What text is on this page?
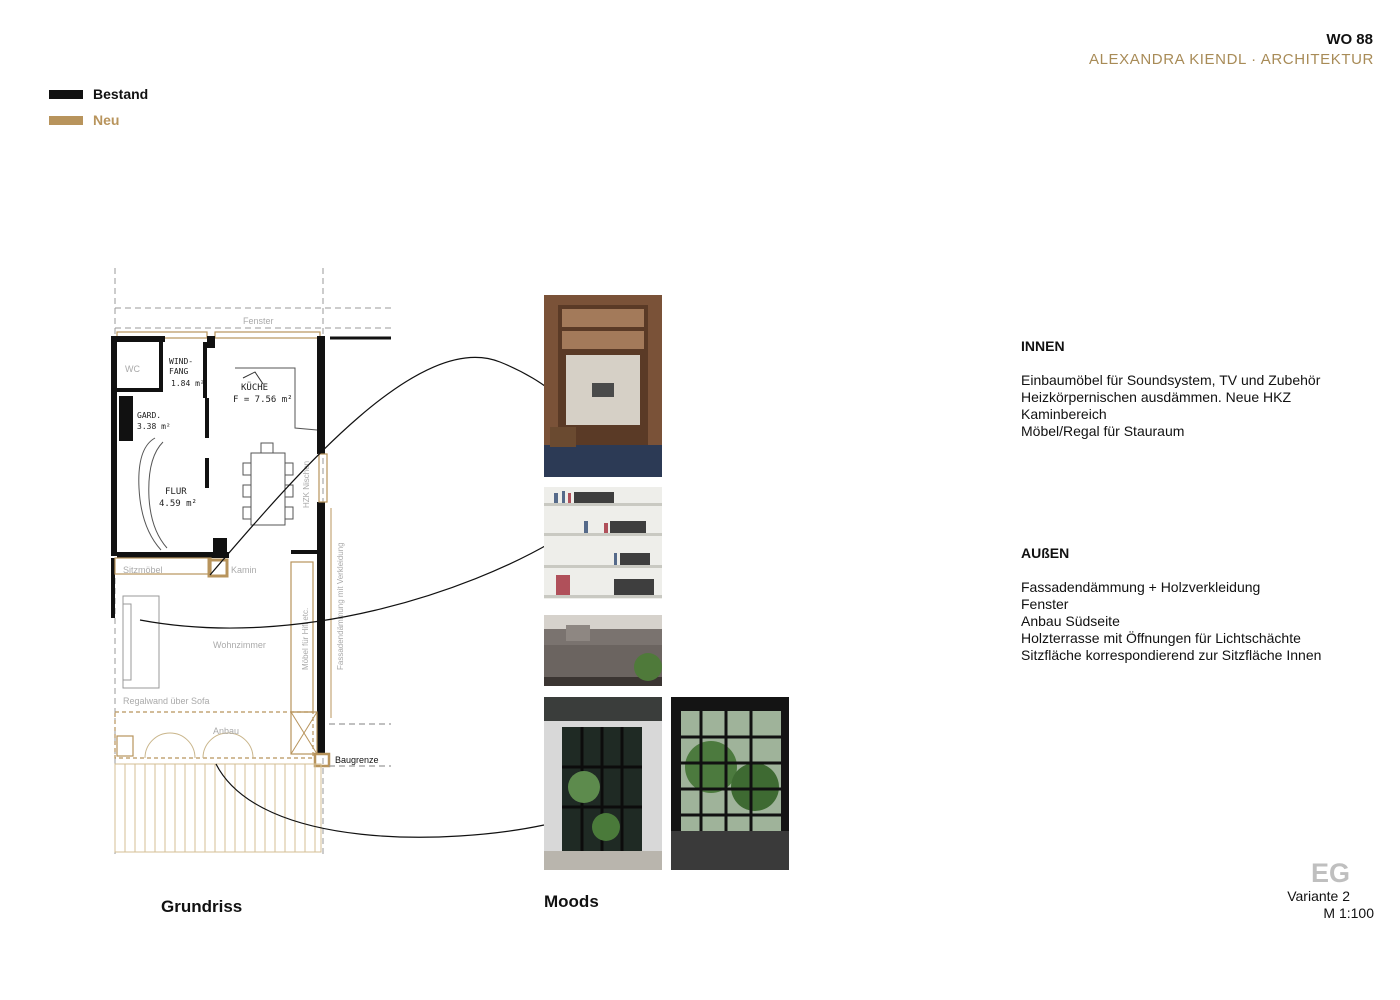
WO 88
ALEXANDRA KIENDL · ARCHITEKTUR
Bestand
Neu
Fenster
WC
WIND-
FANG
1.84 m²	KÜCHE
F = 7.56 m²
GARD.
3.38 m²
FLUR
4.59 m²	HZK Nischen
Fassadendämmung mit Verkleidung
Sitzmöbel	Kamin
Wohnzimmer	Möbel für Hifi etc.
Regalwand über Sofa
Anbau
Baugrenze
INNEN
Einbaumöbel für Soundsystem, TV und Zubehör
Heizkörpernischen ausdämmen. Neue HKZ
Kaminbereich
Möbel/Regal für Stauraum
AUßEN
Fassadendämmung + Holzverkleidung
Fenster
Anbau Südseite
Holzterrasse mit Öffnungen für Lichtschächte
Sitzfläche korrespondierend zur Sitzfläche Innen
EG
Variante 2
M 1:100
Grundriss	Moods
